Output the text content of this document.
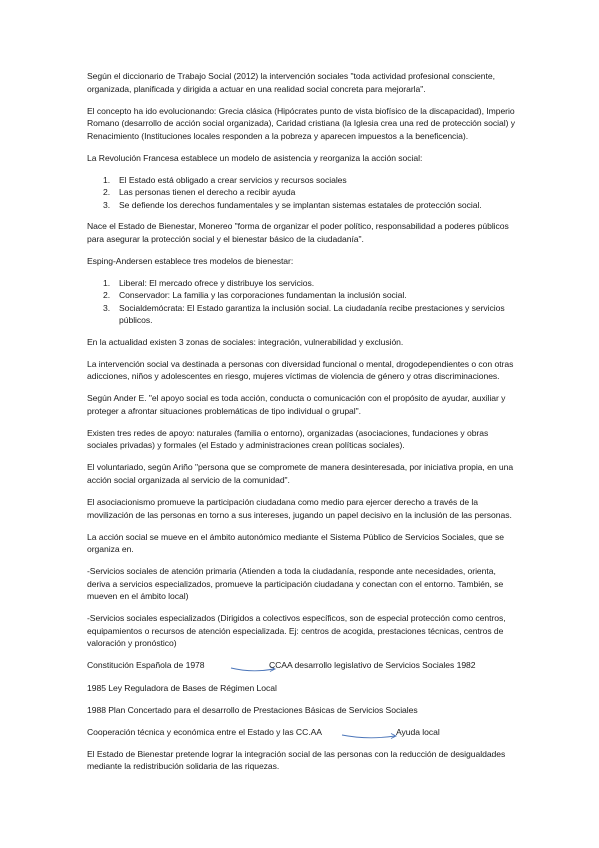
Según el diccionario de Trabajo Social (2012) la intervención sociales "toda actividad profesional consciente, organizada, planificada y dirigida a actuar en una realidad social concreta para mejorarla".

El concepto ha ido evolucionando: Grecia clásica (Hipócrates punto de vista biofísico de la discapacidad), Imperio Romano (desarrollo de acción social organizada), Caridad cristiana (la Iglesia crea una red de protección social) y Renacimiento (Instituciones locales responden a la pobreza y aparecen impuestos a la beneficencia).

La Revolución Francesa establece un modelo de asistencia y reorganiza la acción social:

1. El Estado está obligado a crear servicios y recursos sociales
2. Las personas tienen el derecho a recibir ayuda
3. Se defiende los derechos fundamentales y se implantan sistemas estatales de protección social.

Nace el Estado de Bienestar, Monereo "forma de organizar el poder político, responsabilidad a poderes públicos para asegurar la protección social y el bienestar básico de la ciudadanía".

Esping-Andersen establece tres modelos de bienestar:

1. Liberal: El mercado ofrece y distribuye los servicios.
2. Conservador: La familia y las corporaciones fundamentan la inclusión social.
3. Socialdemócrata: El Estado garantiza la inclusión social. La ciudadanía recibe prestaciones y servicios públicos.

En la actualidad existen 3 zonas de sociales: integración, vulnerabilidad y exclusión.

La intervención social va destinada a personas con diversidad funcional o mental, drogodependientes o con otras adicciones, niños y adolescentes en riesgo, mujeres víctimas de violencia de género y otras discriminaciones.

Según Ander E. "el apoyo social es toda acción, conducta o comunicación con el propósito de ayudar, auxiliar y proteger a afrontar situaciones problemáticas de tipo individual o grupal".

Existen tres redes de apoyo: naturales (familia o entorno), organizadas (asociaciones, fundaciones y obras sociales privadas) y formales (el Estado y administraciones crean políticas sociales).

El voluntariado, según Ariño "persona que se compromete de manera desinteresada, por iniciativa propia, en una acción social organizada al servicio de la comunidad".

El asociacionismo promueve la participación ciudadana como medio para ejercer derecho a través de la movilización de las personas en torno a sus intereses, jugando un papel decisivo en la inclusión de las personas.

La acción social se mueve en el ámbito autonómico mediante el Sistema Público de Servicios Sociales, que se organiza en.

-Servicios sociales de atención primaria (Atienden a toda la ciudadanía, responde ante necesidades, orienta, deriva a servicios especializados, promueve la participación ciudadana y conectan con el entorno. También, se mueven en el ámbito local)

-Servicios sociales especializados (Dirigidos a colectivos específicos, son de especial protección como centros, equipamientos o recursos de atención especializada. Ej: centros de acogida, prestaciones técnicas, centros de valoración y pronóstico)

Constitución Española de 1978	CCAA desarrollo legislativo de Servicios Sociales 1982

1985 Ley Reguladora de Bases de Régimen Local

1988 Plan Concertado para el desarrollo de Prestaciones Básicas de Servicios Sociales

Cooperación técnica y económica entre el Estado y las CC.AA	Ayuda local

El Estado de Bienestar pretende lograr la integración social de las personas con la reducción de desigualdades mediante la redistribución solidaria de las riquezas.
